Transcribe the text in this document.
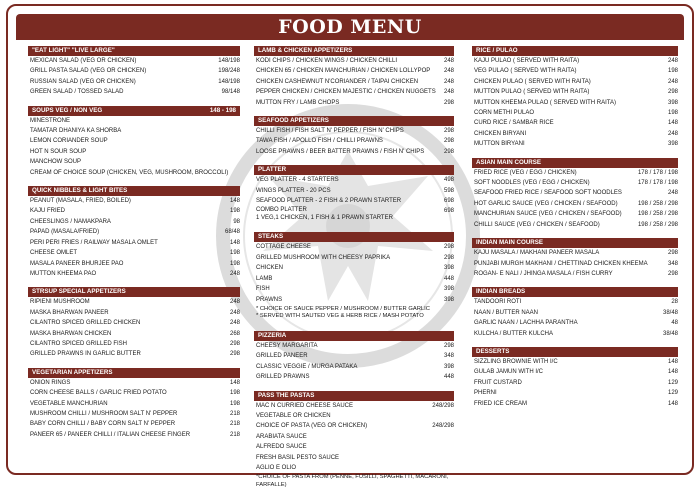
FOOD MENU
"EAT LIGHT" "LIVE LARGE"
MEXICAN SALAD (VEG OR CHICKEN)	148/198
GRILL PASTA SALAD (VEG OR CHICKEN)	198/248
RUSSIAN SALAD (VEG OR CHICKEN)	148/198
GREEN SALAD / TOSSED SALAD	98/148
SOUPS VEG / NON VEG	148 - 198
MINESTRONE
TAMATAR DHANIYA KA SHORBA
LEMON CORIANDER SOUP
HOT N SOUR SOUP
MANCHOW SOUP
CREAM OF CHOICE SOUP (CHICKEN, VEG, MUSHROOM, BROCCOLI)
QUICK NIBBLES & LIGHT BITES
PEANUT (MASALA, FRIED, BOILED)	148
KAJU FRIED	198
CHEESLINGS / NAMAKPARA	98
PAPAD (MASALA/FRIED)	68/48
PERI PERI FRIES / RAILWAY MASALA OMLET	148
CHEESE OMLET	198
MASALA PANEER BHURJEE PAO	198
MUTTON KHEEMA PAO	248
STRSUP SPECIAL APPETIZERS
RIPIENI MUSHROOM	248
MASKA BHARWAN PANEER	248
CILANTRO SPICED GRILLED CHICKEN	248
MASKA BHARWAN CHICKEN	268
CILANTRO SPICED GRILLED FISH	298
GRILLED PRAWNS IN GARLIC BUTTER	298
VEGETARIAN APPETIZERS
ONION RINGS	148
CORN CHEESE BALLS / GARLIC FRIED POTATO	198
VEGETABLE MANCHURIAN	198
MUSHROOM CHILLI / MUSHROOM SALT N' PEPPER	218
BABY CORN CHILLI / BABY CORN SALT N' PEPPER	218
PANEER 65 / PANEER CHILLI / ITALIAN CHEESE FINGER	218
LAMB & CHICKEN APPETIZERS
KODI CHIPS / CHICKEN WINGS / CHICKEN CHILLI	248
CHICKEN 65 / CHICKEN MANCHURIAN / CHICKEN LOLLYPOP	248
CHICKEN CASHEWNUT N'CORIANDER / TAIPAI CHICKEN	248
PEPPER CHICKEN / CHICKEN MAJESTIC / CHICKEN NUGGETS	248
MUTTON FRY / LAMB CHOPS	298
SEAFOOD APPETIZERS
CHILLI FISH / FISH SALT N' PEPPER / FISH N' CHIPS	298
TAWA FISH / APOLLO FISH / CHILLI PRAWNS	298
LOOSE PRAWNS / BEER BATTER PRAWNS / FISH N' CHIPS	298
PLATTER
VEG PLATTER - 4 STARTERS	498
WINGS PLATTER - 20 PCS	598
SEAFOOD PLATTER - 2 FISH & 2 PRAWN STARTER	698
COMBO PLATTER
1 VEG,1 CHICKEN, 1 FISH & 1 PRAWN STARTER
698
STEAKS
COTTAGE CHEESE	298
GRILLED MUSHROOM WITH CHEESY PAPRIKA	298
CHICKEN	398
LAMB	448
FISH	398
PRAWNS	398
* CHOICE OF SAUCE PEPPER / MUSHROOM / BUTTER GARLIC
* SERVED WITH SAUTED VEG & HERB RICE / MASH POTATO
PIZZERIA
CHEESY MARGARITA	298
GRILLED PANEER	348
CLASSIC VEGGIE / MURGA PATAKA	398
GRILLED PRAWNS	448
PASS THE PASTAS
MAC N CURRIED CHEESE SAUCE	248/298
VEGETABLE OR CHICKEN
CHOICE OF PASTA (VEG OR CHICKEN)	248/298
ARABIATA SAUCE
ALFREDO SAUCE
FRESH BASIL PESTO SAUCE
AGLIO E OLIO
*CHOICE OF PASTA FROM (PENNE, FUSILLI, SPAGHETTI, MACARONI,
FARFALLE)
RICE / PULAO
KAJU PULAO ( SERVED WITH RAITA)	248
VEG PULAO ( SERVED WITH RAITA)	198
CHICKEN PULAO ( SERVED WITH RAITA)	248
MUTTON PULAO ( SERVED WITH RAITA)	298
MUTTON KHEEMA PULAO ( SERVED WITH RAITA)	398
CORN METHI PULAO	198
CURD RICE / SAMBAR RICE	148
CHICKEN BIRYANI	248
MUTTON BIRYANI	398
ASIAN MAIN COURSE
FRIED RICE (VEG / EGG / CHICKEN)	178 / 178 / 198
SOFT NOODLES (VEG / EGG / CHICKEN)	178 / 178 / 198
SEAFOOD FRIED RICE / SEAFOOD SOFT NOODLES	248
HOT GARLIC SAUCE (VEG / CHICKEN / SEAFOOD)	198 / 258 / 298
MANCHURIAN SAUCE (VEG / CHICKEN / SEAFOOD)	198 / 258 / 298
CHILLI SAUCE (VEG / CHICKEN / SEAFOOD)	198 / 258 / 298
INDIAN MAIN COURSE
KAJU MASALA / MAKHANI PANEER MASALA	298
PUNJABI MURGH MAKHANI / CHETTINAD CHICKEN KHEEMA	348
ROGAN- E NALI / JHINGA MASALA / FISH CURRY	298
INDIAN BREADS
TANDOORI ROTI	28
NAAN / BUTTER NAAN	38/48
GARLIC NAAN / LACHHA PARANTHA	48
KULCHA / BUTTER KULCHA	38/48
DESSERTS
SIZZLING BROWNIE WITH I/C	148
GULAB JAMUN WITH I/C	148
FRUIT CUSTARD	129
PHERNI	129
FRIED ICE CREAM	148
